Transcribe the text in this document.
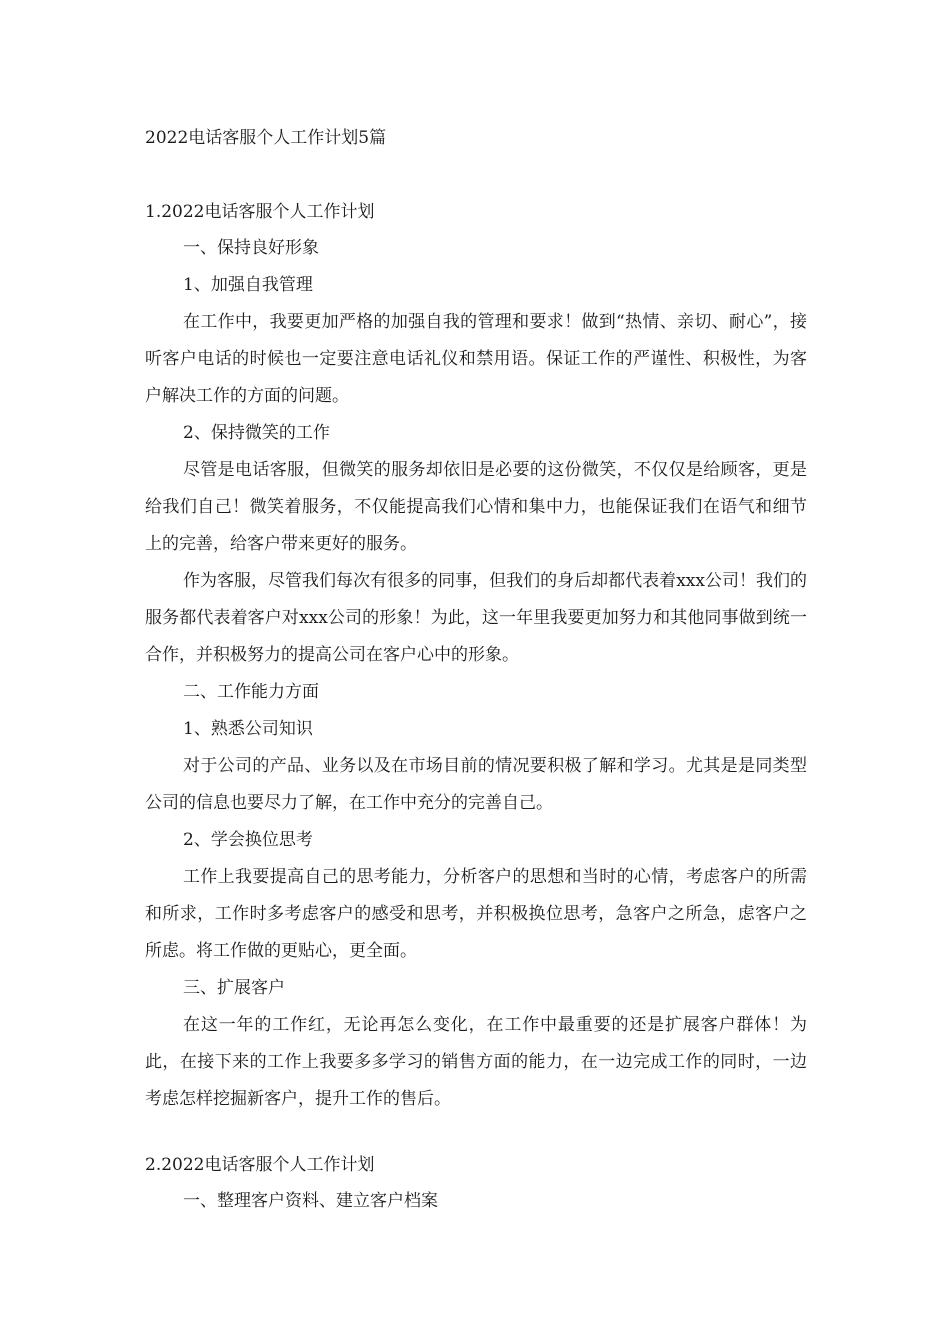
2022电话客服个人工作计划5篇
1.2022电话客服个人工作计划

一、保持良好形象

1、加强自我管理

在工作中，我要更加严格的加强自我的管理和要求！做到“热情、亲切、耐心”，接听客户电话的时候也一定要注意电话礼仪和禁用语。保证工作的严谨性、积极性，为客户解决工作的方面的问题。

2、保持微笑的工作

尽管是电话客服，但微笑的服务却依旧是必要的这份微笑，不仅仅是给顾客，更是给我们自己！微笑着服务，不仅能提高我们心情和集中力，也能保证我们在语气和细节上的完善，给客户带来更好的服务。

作为客服，尽管我们每次有很多的同事，但我们的身后却都代表着xxx公司！我们的服务都代表着客户对xxx公司的形象！为此，这一年里我要更加努力和其他同事做到统一合作，并积极努力的提高公司在客户心中的形象。

二、工作能力方面

1、熟悉公司知识

对于公司的产品、业务以及在市场目前的情况要积极了解和学习。尤其是是同类型公司的信息也要尽力了解，在工作中充分的完善自己。

2、学会换位思考

工作上我要提高自己的思考能力，分析客户的思想和当时的心情，考虑客户的所需和所求，工作时多考虑客户的感受和思考，并积极换位思考，急客户之所急，虑客户之所虑。将工作做的更贴心，更全面。

三、扩展客户

在这一年的工作红，无论再怎么变化，在工作中最重要的还是扩展客户群体！为此，在接下来的工作上我要多多学习的销售方面的能力，在一边完成工作的同时，一边考虑怎样挖掘新客户，提升工作的售后。

2.2022电话客服个人工作计划

一、整理客户资料、建立客户档案
